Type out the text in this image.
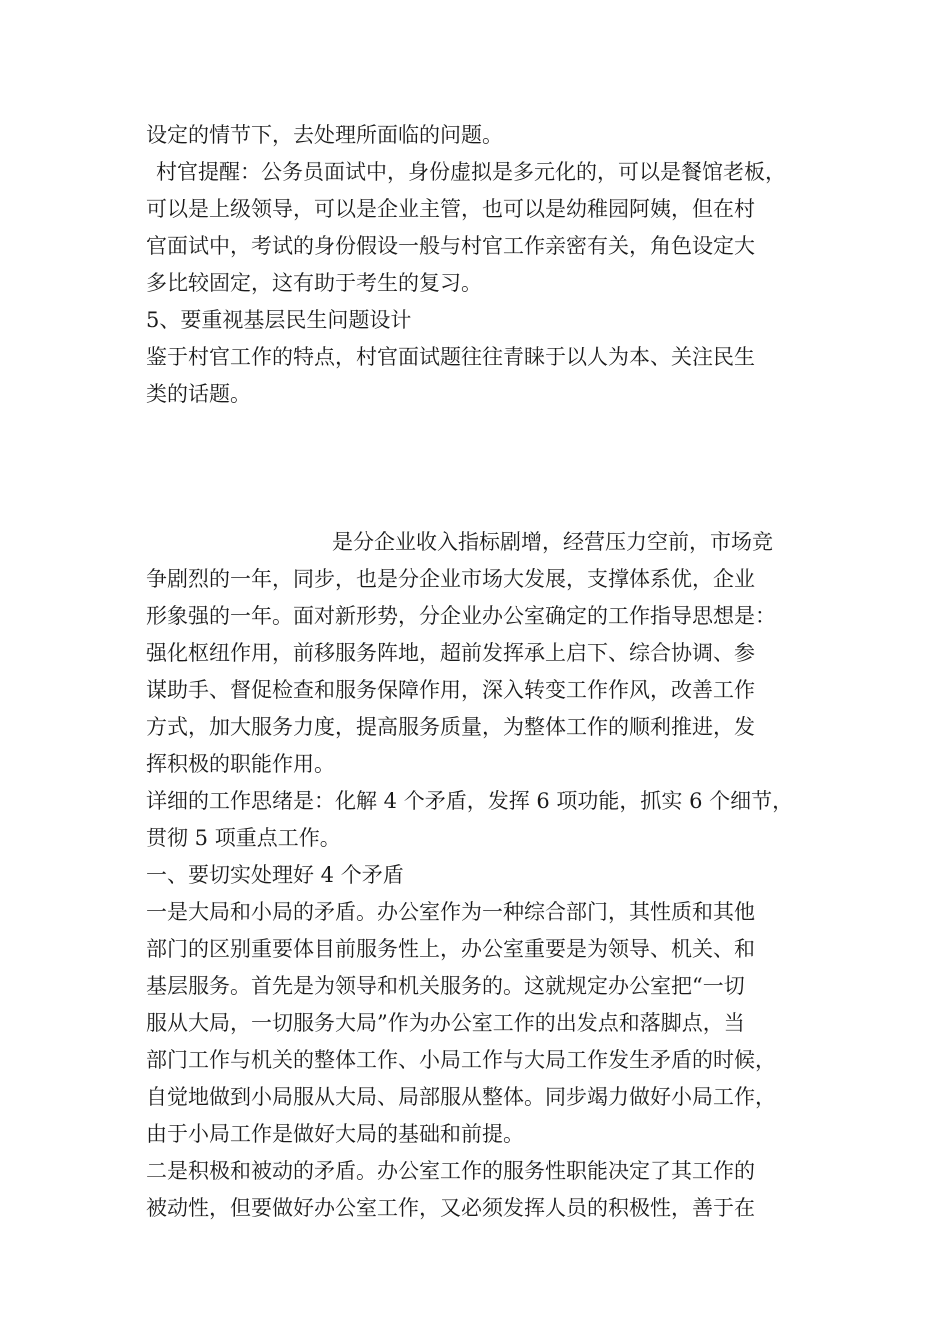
设定的情节下，去处理所面临的问题。
村官提醒：公务员面试中，身份虚拟是多元化的，可以是餐馆老板，
可以是上级领导，可以是企业主管，也可以是幼稚园阿姨，但在村
官面试中，考试的身份假设一般与村官工作亲密有关，角色设定大
多比较固定，这有助于考生的复习。
5、要重视基层民生问题设计
鉴于村官工作的特点，村官面试题往往青睐于以人为本、关注民生
类的话题。
是分企业收入指标剧增，经营压力空前，市场竞
争剧烈的一年，同步，也是分企业市场大发展，支撑体系优，企业
形象强的一年。面对新形势，分企业办公室确定的工作指导思想是：
强化枢纽作用，前移服务阵地，超前发挥承上启下、综合协调、参
谋助手、督促检查和服务保障作用，深入转变工作作风，改善工作
方式，加大服务力度，提高服务质量，为整体工作的顺利推进，发
挥积极的职能作用。
详细的工作思绪是：化解 4 个矛盾，发挥 6 项功能，抓实 6 个细节，
贯彻 5 项重点工作。
一、要切实处理好 4 个矛盾
一是大局和小局的矛盾。办公室作为一种综合部门，其性质和其他
部门的区别重要体目前服务性上，办公室重要是为领导、机关、和
基层服务。首先是为领导和机关服务的。这就规定办公室把“一切
服从大局，一切服务大局”作为办公室工作的出发点和落脚点，当
部门工作与机关的整体工作、小局工作与大局工作发生矛盾的时候，
自觉地做到小局服从大局、局部服从整体。同步竭力做好小局工作，
由于小局工作是做好大局的基础和前提。
二是积极和被动的矛盾。办公室工作的服务性职能决定了其工作的
被动性，但要做好办公室工作，又必须发挥人员的积极性，善于在
